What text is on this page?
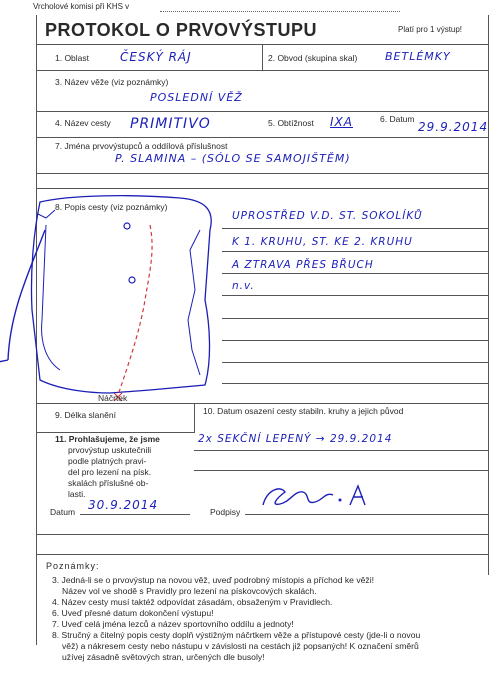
Vrcholové komisi při KHS v
PROTOKOL O PRVOVÝSTUPU	Platí pro 1 výstup!
1. Oblast	ČESKÝ RÁJ	2. Obvod (skupina skal)	BETLÉMKY
3. Název věže (viz poznámky)
POSLEDNÍ VĚŽ
4. Název cesty PRIMITIVO	5. Obtížnost IXA	6. Datum
29.9.2014
7. Jména prvovýstupců a oddílová příslušnost
P. SLAMINA – (SÓLO SE SAMOJIŠTĚM)
8. Popis cesty (viz poznámky)
UPROSTŘED V.D. ST. SOKOLÍKŮ
K 1. KRUHU, ST. KE 2. KRUHU
A ZTRAVA PŘES BŘUCH
n.v.
Náčrtek
9. Délka slanění	10. Datum osazení cesty stabiln. kruhy a jejich původ
2x SEKČNÍ LEPENÝ → 29.9.2014
11. Prohlašujeme, že jsme
prvovýstup uskutečnili
podle platných pravi-
del pro lezení na písk.
skalách příslušné ob-
lasti.
Datum 30.9.2014	Podpisy
Poznámky:
3. Jedná-li se o prvovýstup na novou věž, uveď podrobný místopis a příchod ke věži!
Název vol ve shodě s Pravidly pro lezení na pískovcových skalách.
4. Název cesty musí taktéž odpovídat zásadám, obsaženým v Pravidlech.
6. Uveď přesné datum dokončení výstupu!
7. Uveď celá jména lezců a název sportovního oddílu a jednoty!
8. Stručný a čitelný popis cesty doplň výstižným náčrtkem věže a přístupové cesty (jde-li o novou
věž) a nákresem cesty nebo nástupu v závislosti na cestách již popsaných! K označení směrů
užívej zásadně světových stran, určených dle busoly!
